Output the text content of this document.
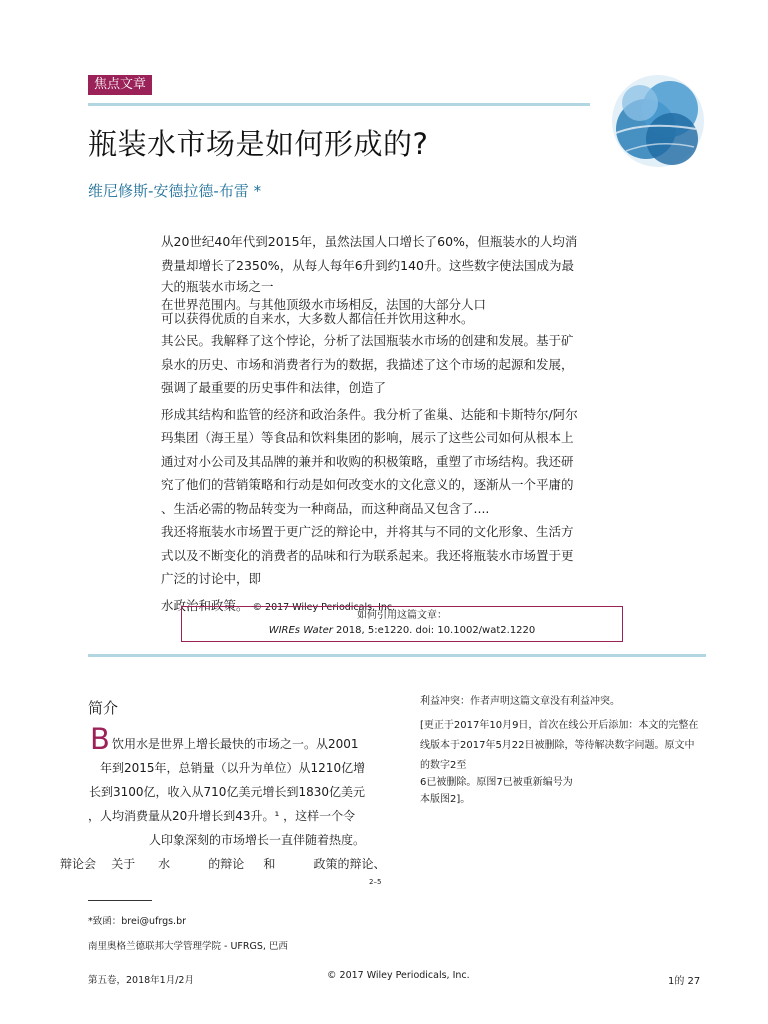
焦点文章
瓶装水市场是如何形成的?
维尼修斯-安德拉德-布雷 *

从20世纪40年代到2015年，虽然法国人口增长了60%，但瓶装水的人均消

费量却增长了2350%，从每人每年6升到约140升。这些数字使法国成为最

大的瓶装水市场之一

在世界范围内。与其他顶级水市场相反，法国的大部分人口

可以获得优质的自来水，大多数人都信任并饮用这种水。

其公民。我解释了这个悖论，分析了法国瓶装水市场的创建和发展。基于矿

泉水的历史、市场和消费者行为的数据，我描述了这个市场的起源和发展，

强调了最重要的历史事件和法律，创造了

形成其结构和监管的经济和政治条件。我分析了雀巢、达能和卡斯特尔/阿尔

玛集团（海王星）等食品和饮料集团的影响，展示了这些公司如何从根本上

通过对小公司及其品牌的兼并和收购的积极策略，重塑了市场结构。我还研

究了他们的营销策略和行动是如何改变水的文化意义的，逐渐从一个平庸的

、生活必需的物品转变为一种商品，而这种商品又包含了....

我还将瓶装水市场置于更广泛的辩论中，并将其与不同的文化形象、生活方

式以及不断变化的消费者的品味和行为联系起来。我还将瓶装水市场置于更

广泛的讨论中，即

水政治和政策。 © 2017 Wiley Periodicals, Inc.

如何引用这篇文章：
WIREs Water 2018, 5:e1220. doi: 10.1002/wat2.1220
简介
B 饮用水是世界上增长最快的市场之一。从2001
年到2015年，总销量（以升为单位）从1210亿增
长到3100亿，收入从710亿美元增长到1830亿美元
，人均消费量从20升增长到43升。¹ ，这样一个令
人印象深刻的市场增长一直伴随着热度。
辩论会    关于      水          的辩论     和          政策的辩论、
2–5
*致函：brei@ufrgs.br
南里奥格兰德联邦大学管理学院 - UFRGS, 巴西
利益冲突：作者声明这篇文章没有利益冲突。
[更正于2017年10月9日，首次在线公开后添加：本文的完整在
线版本于2017年5月22日被删除，等待解决数字问题。原文中
的数字2至
6已被删除。原图7已被重新编号为
本版图2]。
第五卷，2018年1月/2月	© 2017 Wiley Periodicals, Inc.
1的 27
